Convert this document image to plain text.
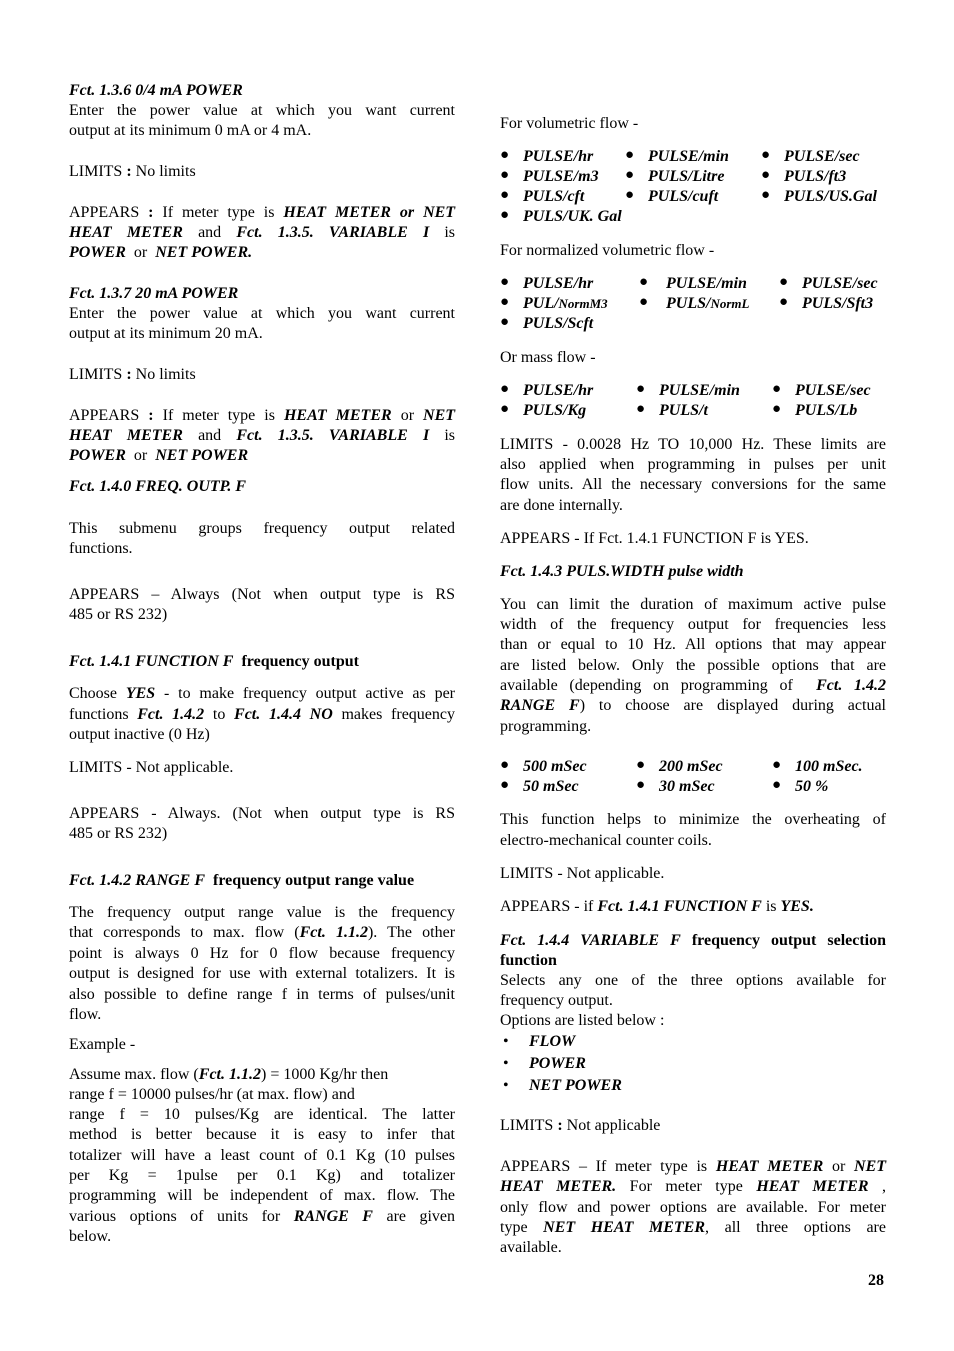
Fct. 1.3.6 0/4 mA POWER
Enter the power value at which you want current
output at its minimum 0 mA or 4 mA.
LIMITS : No limits
APPEARS : If meter type is HEAT METER or NET
HEAT METER and Fct. 1.3.5. VARIABLE I is
POWER or NET POWER.
Fct. 1.3.7 20 mA POWER
Enter the power value at which you want current
output at its minimum 20 mA.
LIMITS : No limits
APPEARS : If meter type is HEAT METER or NET
HEAT METER and Fct. 1.3.5. VARIABLE I is
POWER or NET POWER
Fct. 1.4.0 FREQ. OUTP. F
This submenu groups frequency output related
functions.
APPEARS – Always (Not when output type is RS
485 or RS 232)
Fct. 1.4.1 FUNCTION F frequency output
Choose YES - to make frequency output active as per
functions Fct. 1.4.2 to Fct. 1.4.4 NO makes frequency
output inactive (0 Hz)
LIMITS - Not applicable.
APPEARS - Always. (Not when output type is RS
485 or RS 232)
Fct. 1.4.2 RANGE F frequency output range value
The frequency output range value is the frequency
that corresponds to max. flow (Fct. 1.1.2). The other
point is always 0 Hz for 0 flow because frequency
output is designed for use with external totalizers. It is
also possible to define range f in terms of pulses/unit
flow.
Example -
Assume max. flow (Fct. 1.1.2) = 1000 Kg/hr then
range f = 10000 pulses/hr (at max. flow) and
range f = 10 pulses/Kg are identical. The latter
method is better because it is easy to infer that
totalizer will have a least count of 0.1 Kg (10 pulses
per Kg = 1pulse per 0.1 Kg) and totalizer
programming will be independent of max. flow. The
various options of units for RANGE F are given
below.
For volumetric flow -
● PULSE/hr ● PULSE/min ● PULSE/sec
● PULSE/m3 ● PULS/Litre ● PULS/ft3
● PULS/cft	● PULS/cuft	● PULS/US.Gal
● PULS/UK. Gal
For normalized volumetric flow -
● PULSE/hr	● PULSE/min ● PULSE/sec
● PUL/NormM3 ● PULS/NormL ● PULS/Sft3
● PULS/Scft
Or mass flow -
● PULSE/hr	● PULSE/min ● PULSE/sec
● PULS/Kg	● PULS/t	● PULS/Lb
LIMITS - 0.0028 Hz TO 10,000 Hz. These limits are
also applied when programming in pulses per unit
flow units. All the necessary conversions for the same
are done internally.
APPEARS - If Fct. 1.4.1 FUNCTION F is YES.
Fct. 1.4.3 PULS.WIDTH pulse width
You can limit the duration of maximum active pulse
width of the frequency output for frequencies less
than or equal to 10 Hz. All options that may appear
are listed below. Only the possible options that are
available (depending on programming of Fct. 1.4.2
RANGE F) to choose are displayed during actual
programming.
● 500 mSec	● 200 mSec	● 100 mSec.
● 50 mSec	● 30 mSec	● 50 %
This function helps to minimize the overheating of
electro-mechanical counter coils.
LIMITS - Not applicable.
APPEARS - if Fct. 1.4.1 FUNCTION F is YES.
Fct. 1.4.4 VARIABLE F frequency output selection
function
Selects any one of the three options available for
frequency output.
Options are listed below :
• FLOW
• POWER
• NET POWER
LIMITS : Not applicable
APPEARS – If meter type is HEAT METER or NET
HEAT METER. For meter type HEAT METER ,
only flow and power options are available. For meter
type NET HEAT METER, all three options are
available.
28
